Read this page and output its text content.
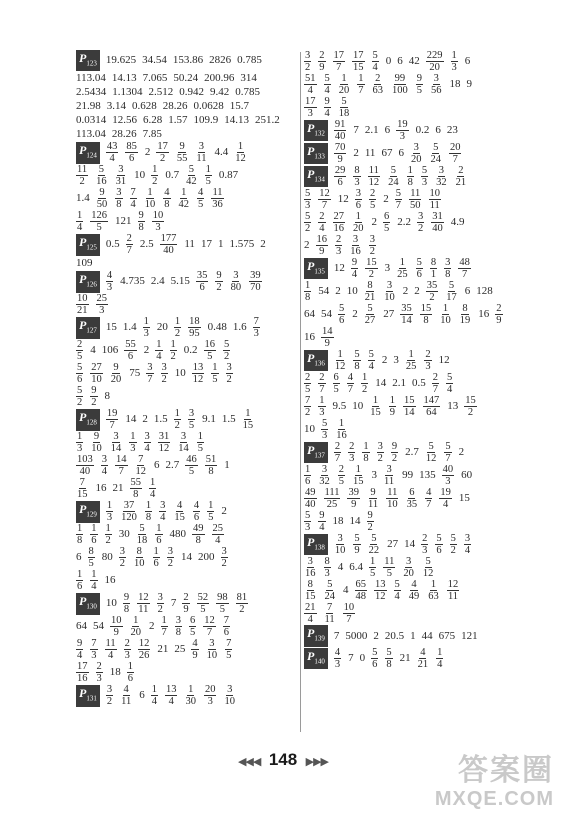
$P_{123}$ 19.625 34.54 153.86 2826 0.785
113.04 14.13 7.065 50.24 200.96 314
2.5434 1.1304 2.512 0.942 9.42 0.785
21.98 3.14 0.628 28.26 0.0628 15.7
0.0314 12.56 6.28 1.57 109.9 14.13 251.2
113.04 28.26 7.85
$P_{124} \frac{43}{4} \frac{85}{6} 2 \frac{17}{2} \frac{9}{55} \frac{3}{11} 4.4 \frac{1}{12}$
$\frac{11}{2} \frac{5}{16} \frac{3}{31} 10 \frac{1}{2} 0.7 \frac{5}{42} \frac{1}{5} 0.87$
$1.4 \frac{9}{50} \frac{3}{8} \frac{7}{4} \frac{1}{10} \frac{4}{8} \frac{1}{42} \frac{4}{5} \frac{11}{36}$
$\frac{1}{4} \frac{126}{5} 121 \frac{9}{8} \frac{10}{3}$
$P_{125}$ $0.5 \frac{2}{7} 2.5 \frac{177}{40} 11$ 17 1 1.575 2
109
$P_{126} \frac{4}{3} 4.735$ 2.4 $5.15 \frac{35}{6} \frac{9}{2} \frac{3}{80} \frac{39}{70}$
$\frac{10}{21} \frac{25}{3}$
$P_{127}$ 15 $1.4 \frac{1}{3} 20 \frac{1}{2} \frac{18}{95} 0.48$ $1.6 \frac{7}{3}$
$\frac{2}{5} 4$ $106 \frac{55}{6} 2 \frac{1}{4} \frac{1}{2} 0.2 \frac{16}{5} \frac{5}{2}$
$\frac{5}{6} \frac{27}{10} \frac{9}{20} 75 \frac{3}{7} \frac{3}{2} 10 \frac{13}{12} \frac{1}{5} \frac{3}{2}$
$\frac{5}{2} \frac{9}{2} 8$
$P_{128} \frac{19}{7} 14$ 2 $1.5 \frac{1}{2} \frac{3}{5} 9.1$ $1.5 \frac{1}{15}$
$\frac{1}{3} \frac{9}{10} \frac{3}{14} \frac{1}{3} \frac{3}{4} \frac{31}{12} \frac{3}{14} \frac{1}{5}$
$\frac{103}{40} \frac{3}{4} \frac{14}{7} \frac{7}{12} 6$ $2.7 \frac{46}{5} \frac{51}{8} 1$
$\frac{7}{15} 16$ $21 \frac{55}{8} \frac{1}{4}$
$P_{129} \frac{1}{3} \frac{37}{120} \frac{1}{8} \frac{3}{4} \frac{4}{15} \frac{4}{6} \frac{1}{5} 2$
$\frac{1}{8} \frac{1}{6} \frac{1}{2} 30 \frac{5}{18} \frac{1}{6} 480 \frac{49}{8} \frac{25}{4}$
$6 \frac{8}{5} 80 \frac{3}{2} \frac{8}{10} \frac{1}{6} \frac{3}{2} 14$ $200 \frac{3}{2}$
$\frac{1}{6} \frac{1}{4} 16$
$P_{130}$ $10 \frac{9}{8} \frac{12}{11} \frac{3}{2} 7 \frac{2}{9} \frac{52}{5} \frac{98}{5} \frac{81}{2}$
64 $54 \frac{10}{9} \frac{1}{20} 2 \frac{1}{7} \frac{3}{8} \frac{6}{5} \frac{12}{7} \frac{7}{6}$
$\frac{9}{4} \frac{7}{3} \frac{11}{4} \frac{2}{3} \frac{12}{26} 21$ $25 \frac{4}{9} \frac{3}{10} \frac{7}{5}$
$\frac{17}{16} \frac{2}{3} 18 \frac{1}{6}$
$P_{131} \frac{3}{2} \frac{4}{11} 6 \frac{1}{4} \frac{13}{4} \frac{1}{30} \frac{20}{3} \frac{3}{10}$
$\frac{3}{2} \frac{2}{9} \frac{17}{7} \frac{17}{15} \frac{5}{4} 0$ 6 $42 \frac{229}{20} \frac{1}{3} 6$
$\frac{51}{4} \frac{5}{4} \frac{1}{20} \frac{1}{7} \frac{2}{63} \frac{99}{100} \frac{9}{5} \frac{3}{56} 18$ 9
$\frac{17}{3} \frac{9}{4} \frac{5}{18}$
$P_{132} \frac{91}{40} 7$ 2.1 $6 \frac{19}{3} 0.2$ 6 23
$P_{133} \frac{70}{9} 2$ 11 67 $6 \frac{3}{20} \frac{5}{24} \frac{20}{7}$
$P_{134} \frac{29}{6} \frac{8}{3} \frac{11}{12} \frac{5}{24} \frac{1}{8} \frac{5}{3} \frac{3}{32} \frac{2}{21}$
$\frac{5}{3} \frac{12}{7} 12 \frac{3}{6} \frac{2}{5} 2 \frac{5}{7} \frac{11}{50} \frac{10}{11}$
$\frac{5}{2} \frac{2}{4} \frac{27}{16} \frac{1}{20} 2 \frac{6}{5} 2.2 \frac{3}{2} \frac{31}{40} 4.9$
$2 \frac{16}{9} \frac{2}{3} \frac{3}{16} \frac{3}{2}$
$P_{135}$ $12 \frac{9}{4} \frac{15}{2} 3 \frac{1}{25} \frac{5}{6} \frac{8}{1} \frac{3}{8} \frac{48}{7}$
$\frac{1}{8} 54$ 2 $10 \frac{8}{21} \frac{3}{10} 2$ $2 \frac{35}{2} \frac{5}{17} 6$ 128
64 $54 \frac{5}{6} 2 \frac{5}{27} 27 \frac{35}{14} \frac{15}{8} \frac{1}{10} \frac{8}{19} 16 \frac{2}{9}$
$16 \frac{14}{9}$
$P_{136} \frac{1}{12} \frac{5}{8} \frac{5}{4} 2$ $3 \frac{1}{25} \frac{2}{3} 12$
$\frac{2}{5} \frac{2}{7} \frac{6}{5} \frac{4}{7} \frac{1}{2} 14$ 2.1 $0.5 \frac{2}{7} \frac{5}{4}$
$\frac{7}{2} \frac{1}{3} 9.5$ $10 \frac{1}{15} \frac{1}{9} \frac{15}{14} \frac{147}{64} 13 \frac{15}{2}$
$10 \frac{5}{3} \frac{1}{16}$
$P_{137} \frac{2}{7} \frac{2}{3} \frac{1}{8} \frac{3}{2} \frac{9}{2} 2.7 \frac{5}{12} \frac{5}{7} 2$
$\frac{1}{6} \frac{3}{32} \frac{2}{5} \frac{1}{15} 3 \frac{3}{11} 99$ $135 \frac{40}{3} 60$
$\frac{49}{40} \frac{111}{25} \frac{39}{9} \frac{9}{11} \frac{11}{10} \frac{6}{35} \frac{4}{7} \frac{19}{4} 15$
$\frac{5}{3} \frac{9}{4} 18$ $14 \frac{9}{2}$
$P_{138} \frac{3}{10} \frac{5}{9} \frac{5}{22} 27$ $14 \frac{2}{3} \frac{5}{6} \frac{5}{2} \frac{3}{4}$
$\frac{3}{16} \frac{8}{3} 4$ $6.4 \frac{1}{5} \frac{11}{5} \frac{3}{20} \frac{5}{12}$
$\frac{8}{15} \frac{5}{24} 4 \frac{65}{48} \frac{13}{12} \frac{5}{4} \frac{4}{49} \frac{1}{63} \frac{12}{11}$
$\frac{21}{4} \frac{7}{11} \frac{10}{7}$
$P_{139}$ 7 5000 2 20.5 1 44 675 121
$P_{140} \frac{4}{3} 7$ $0 \frac{5}{6} \frac{5}{8} 21 \frac{4}{21} \frac{1}{4}$
◀◀◀ 148 ▶▶▶	答案圈
MXQE.COM
